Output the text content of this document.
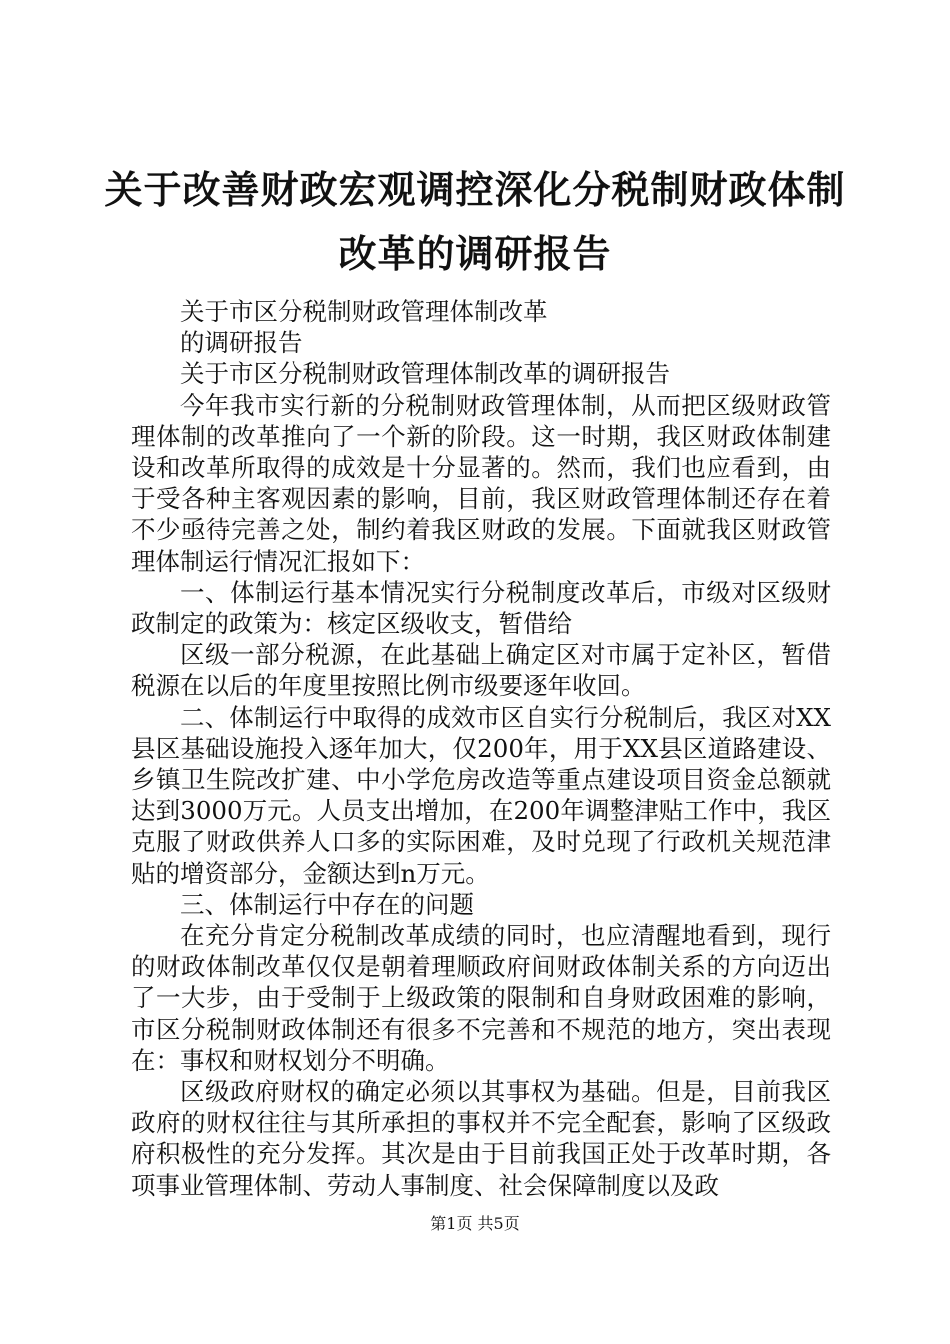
关于改善财政宏观调控深化分税制财政体制改革的调研报告

关于市区分税制财政管理体制改革

的调研报告

关于市区分税制财政管理体制改革的调研报告

今年我市实行新的分税制财政管理体制，从而把区级财政管理体制的改革推向了一个新的阶段。这一时期，我区财政体制建设和改革所取得的成效是十分显著的。然而，我们也应看到，由于受各种主客观因素的影响，目前，我区财政管理体制还存在着不少亟待完善之处，制约着我区财政的发展。下面就我区财政管理体制运行情况汇报如下：

一、体制运行基本情况实行分税制度改革后，市级对区级财政制定的政策为：核定区级收支，暂借给

区级一部分税源，在此基础上确定区对市属于定补区，暂借税源在以后的年度里按照比例市级要逐年收回。

二、体制运行中取得的成效市区自实行分税制后，我区对XX县区基础设施投入逐年加大，仅200年，用于XX县区道路建设、乡镇卫生院改扩建、中小学危房改造等重点建设项目资金总额就达到3000万元。人员支出增加，在200年调整津贴工作中，我区克服了财政供养人口多的实际困难，及时兑现了行政机关规范津贴的增资部分，金额达到n万元。

三、体制运行中存在的问题

在充分肯定分税制改革成绩的同时，也应清醒地看到，现行的财政体制改革仅仅是朝着理顺政府间财政体制关系的方向迈出了一大步，由于受制于上级政策的限制和自身财政困难的影响，市区分税制财政体制还有很多不完善和不规范的地方，突出表现在：事权和财权划分不明确。

区级政府财权的确定必须以其事权为基础。但是，目前我区政府的财权往往与其所承担的事权并不完全配套，影响了区级政府积极性的充分发挥。其次是由于目前我国正处于改革时期，各项事业管理体制、劳动人事制度、社会保障制度以及政

第1页 共5页
